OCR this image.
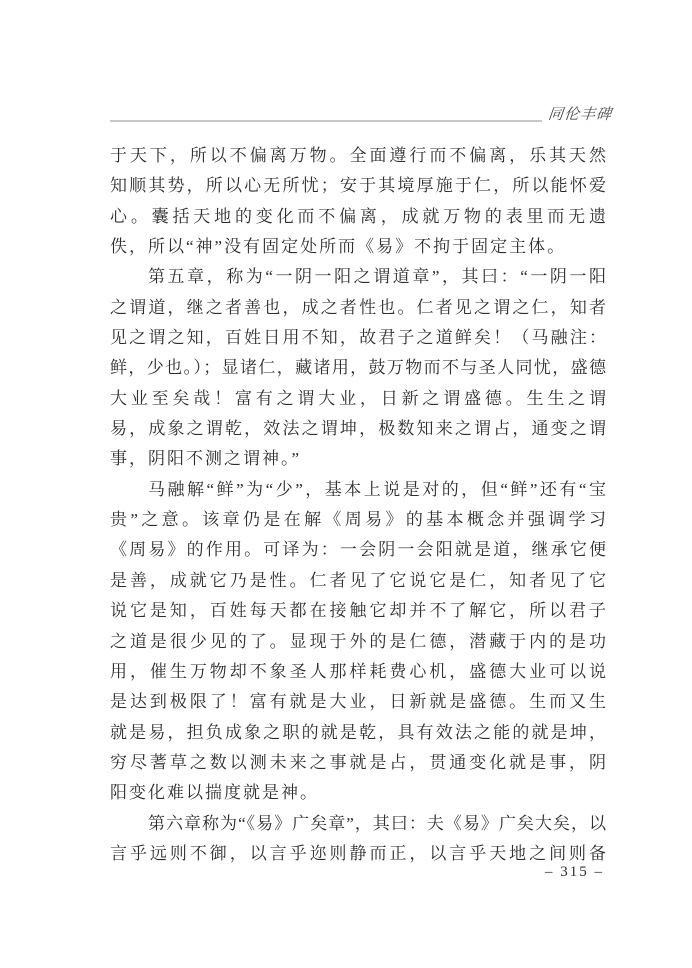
同伦丰碑
于天下，所以不偏离万物。全面遵行而不偏离，乐其天然
知顺其势，所以心无所忧；安于其境厚施于仁，所以能怀爱
心。囊括天地的变化而不偏离，成就万物的表里而无遗
佚，所以“神”没有固定处所而《易》不拘于固定主体。
第五章，称为“一阴一阳之谓道章”，其曰：“一阴一阳
之谓道，继之者善也，成之者性也。仁者见之谓之仁，知者
见之谓之知，百姓日用不知，故君子之道鲜矣！（马融注：
鲜，少也。）；显诸仁，藏诸用，鼓万物而不与圣人同忧，盛德
大业至矣哉！富有之谓大业，日新之谓盛德。生生之谓
易，成象之谓乾，效法之谓坤，极数知来之谓占，通变之谓
事，阴阳不测之谓神。”
马融解“鲜”为“少”，基本上说是对的，但“鲜”还有“宝
贵”之意。该章仍是在解《周易》的基本概念并强调学习
《周易》的作用。可译为：一会阴一会阳就是道，继承它便
是善，成就它乃是性。仁者见了它说它是仁，知者见了它
说它是知，百姓每天都在接触它却并不了解它，所以君子
之道是很少见的了。显现于外的是仁德，潜藏于内的是功
用，催生万物却不象圣人那样耗费心机，盛德大业可以说
是达到极限了！富有就是大业，日新就是盛德。生而又生
就是易，担负成象之职的就是乾，具有效法之能的就是坤，
穷尽蓍草之数以测未来之事就是占，贯通变化就是事，阴
阳变化难以揣度就是神。
第六章称为“《易》广矣章”，其曰：夫《易》广矣大矣，以
言乎远则不御，以言乎迩则静而正，以言乎天地之间则备
– 315 –
